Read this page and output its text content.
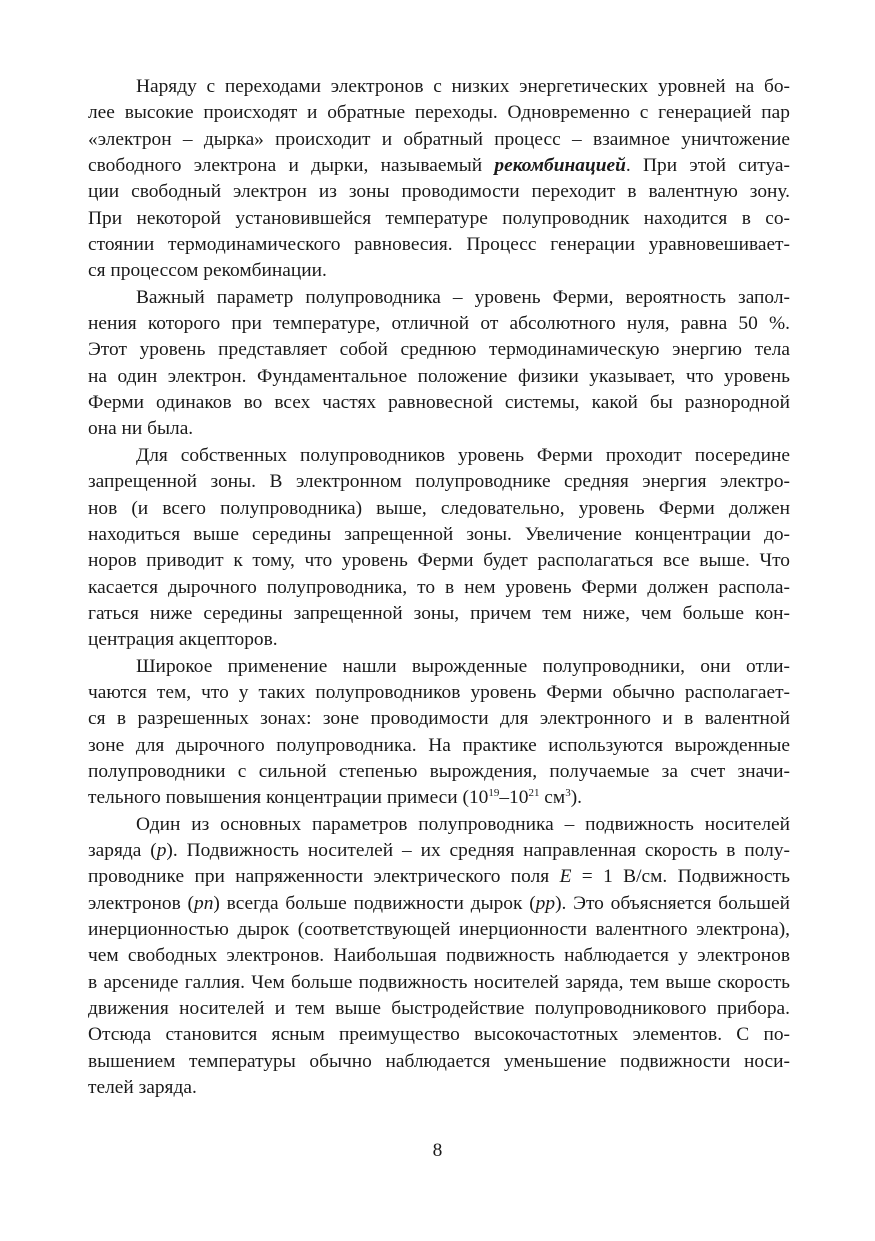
Наряду с переходами электронов с низких энергетических уровней на бо-
лее высокие происходят и обратные переходы. Одновременно с генерацией пар
«электрон – дырка» происходит и обратный процесс – взаимное уничтожение
свободного электрона и дырки, называемый рекомбинацией. При этой ситуа-
ции свободный электрон из зоны проводимости переходит в валентную зону.
При некоторой установившейся температуре полупроводник находится в со-
стоянии термодинамического равновесия. Процесс генерации уравновешивает-
ся процессом рекомбинации.
Важный параметр полупроводника – уровень Ферми, вероятность запол-
нения которого при температуре, отличной от абсолютного нуля, равна 50 %.
Этот уровень представляет собой среднюю термодинамическую энергию тела
на один электрон. Фундаментальное положение физики указывает, что уровень
Ферми одинаков во всех частях равновесной системы, какой бы разнородной
она ни была.
Для собственных полупроводников уровень Ферми проходит посередине
запрещенной зоны. В электронном полупроводнике средняя энергия электро-
нов (и всего полупроводника) выше, следовательно, уровень Ферми должен
находиться выше середины запрещенной зоны. Увеличение концентрации до-
норов приводит к тому, что уровень Ферми будет располагаться все выше. Что
касается дырочного полупроводника, то в нем уровень Ферми должен распола-
гаться ниже середины запрещенной зоны, причем тем ниже, чем больше кон-
центрация акцепторов.
Широкое применение нашли вырожденные полупроводники, они отли-
чаются тем, что у таких полупроводников уровень Ферми обычно располагает-
ся в разрешенных зонах: зоне проводимости для электронного и в валентной
зоне для дырочного полупроводника. На практике используются вырожденные
полупроводники с сильной степенью вырождения, получаемые за счет значи-
тельного повышения концентрации примеси ($10^{19}-10^{21}$ $см^3$).
Один из основных параметров полупроводника – подвижность носителей
заряда (p). Подвижность носителей – их средняя направленная скорость в полу-
проводнике при напряженности электрического поля E = 1 В/см. Подвижность
электронов (pn) всегда больше подвижности дырок (pp). Это объясняется большей
инерционностью дырок (соответствующей инерционности валентного электрона),
чем свободных электронов. Наибольшая подвижность наблюдается у электронов
в арсениде галлия. Чем больше подвижность носителей заряда, тем выше скорость
движения носителей и тем выше быстродействие полупроводникового прибора.
Отсюда становится ясным преимущество высокочастотных элементов. С по-
вышением температуры обычно наблюдается уменьшение подвижности носи-
телей заряда.
8
